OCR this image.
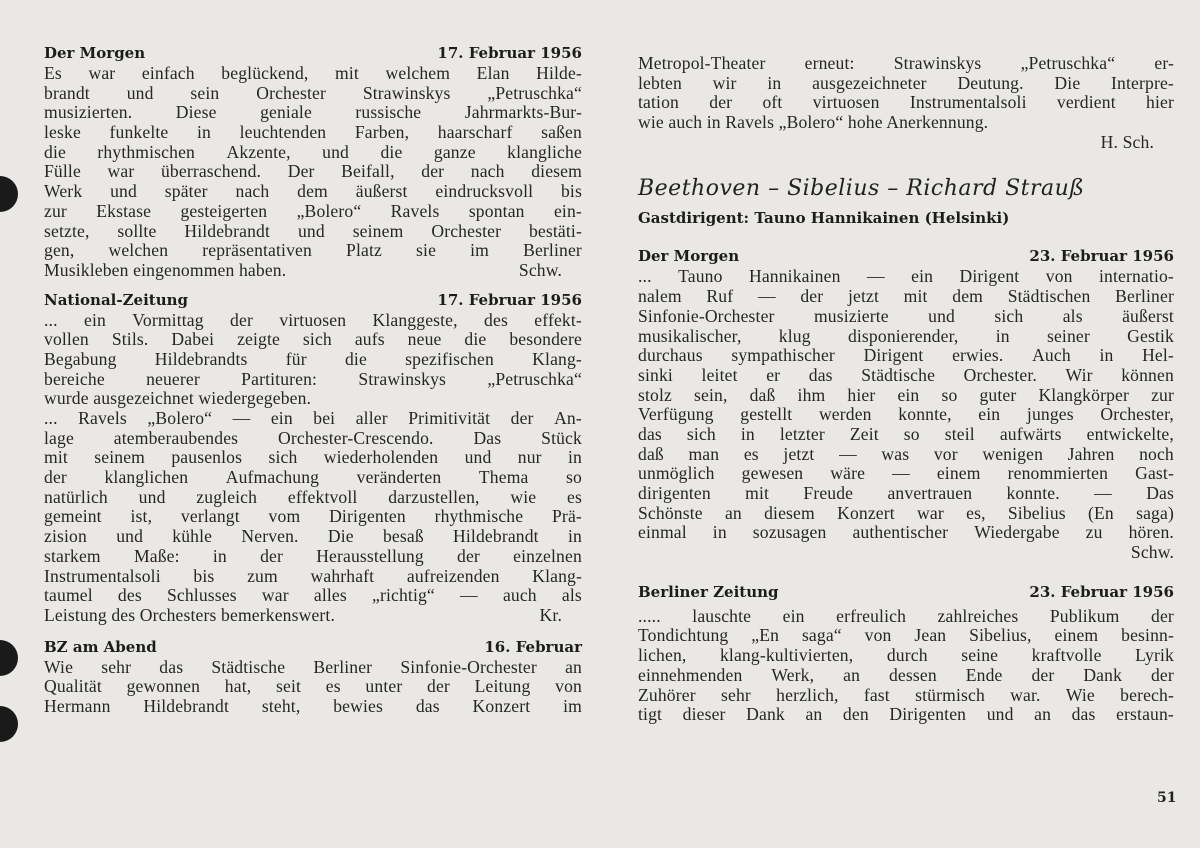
Der Morgen	17. Februar 1956
Es war einfach beglückend, mit welchem Elan Hilde-
brandt und sein Orchester Strawinskys „Petruschka“
musizierten. Diese geniale russische Jahrmarkts-Bur-
leske funkelte in leuchtenden Farben, haarscharf saßen
die rhythmischen Akzente, und die ganze klangliche
Fülle war überraschend. Der Beifall, der nach diesem
Werk und später nach dem äußerst eindrucksvoll bis
zur Ekstase gesteigerten „Bolero“ Ravels spontan ein-
setzte, sollte Hildebrandt und seinem Orchester bestäti-
gen, welchen repräsentativen Platz sie im Berliner
Musikleben eingenommen haben.	Schw.
National-Zeitung	17. Februar 1956
... ein Vormittag der virtuosen Klanggeste, des effekt-
vollen Stils. Dabei zeigte sich aufs neue die besondere
Begabung Hildebrandts für die spezifischen Klang-
bereiche neuerer Partituren: Strawinskys „Petruschka“
wurde ausgezeichnet wiedergegeben.
... Ravels „Bolero“ — ein bei aller Primitivität der An-
lage atemberaubendes Orchester-Crescendo. Das Stück
mit seinem pausenlos sich wiederholenden und nur in
der klanglichen Aufmachung veränderten Thema so
natürlich und zugleich effektvoll darzustellen, wie es
gemeint ist, verlangt vom Dirigenten rhythmische Prä-
zision und kühle Nerven. Die besaß Hildebrandt in
starkem Maße: in der Herausstellung der einzelnen
Instrumentalsoli bis zum wahrhaft aufreizenden Klang-
taumel des Schlusses war alles „richtig“ — auch als
Leistung des Orchesters bemerkenswert.	Kr.
BZ am Abend	16. Februar
Wie sehr das Städtische Berliner Sinfonie-Orchester an
Qualität gewonnen hat, seit es unter der Leitung von
Hermann Hildebrandt steht, bewies das Konzert im
Metropol-Theater erneut: Strawinskys „Petruschka“ er-
lebten wir in ausgezeichneter Deutung. Die Interpre-
tation der oft virtuosen Instrumentalsoli verdient hier
wie auch in Ravels „Bolero“ hohe Anerkennung.
H. Sch.
Beethoven – Sibelius – Richard Strauß
Gastdirigent: Tauno Hannikainen (Helsinki)
Der Morgen	23. Februar 1956
... Tauno Hannikainen — ein Dirigent von internatio-
nalem Ruf — der jetzt mit dem Städtischen Berliner
Sinfonie-Orchester musizierte und sich als äußerst
musikalischer, klug disponierender, in seiner Gestik
durchaus sympathischer Dirigent erwies. Auch in Hel-
sinki leitet er das Städtische Orchester. Wir können
stolz sein, daß ihm hier ein so guter Klangkörper zur
Verfügung gestellt werden konnte, ein junges Orchester,
das sich in letzter Zeit so steil aufwärts entwickelte,
daß man es jetzt — was vor wenigen Jahren noch
unmöglich gewesen wäre — einem renommierten Gast-
dirigenten mit Freude anvertrauen konnte. — Das
Schönste an diesem Konzert war es, Sibelius (En saga)
einmal in sozusagen authentischer Wiedergabe zu hören.
Schw.
Berliner Zeitung	23. Februar 1956
..... lauschte ein erfreulich zahlreiches Publikum der
Tondichtung „En saga“ von Jean Sibelius, einem besinn-
lichen, klang-kultivierten, durch seine kraftvolle Lyrik
einnehmenden Werk, an dessen Ende der Dank der
Zuhörer sehr herzlich, fast stürmisch war. Wie berech-
tigt dieser Dank an den Dirigenten und an das erstaun-
51
